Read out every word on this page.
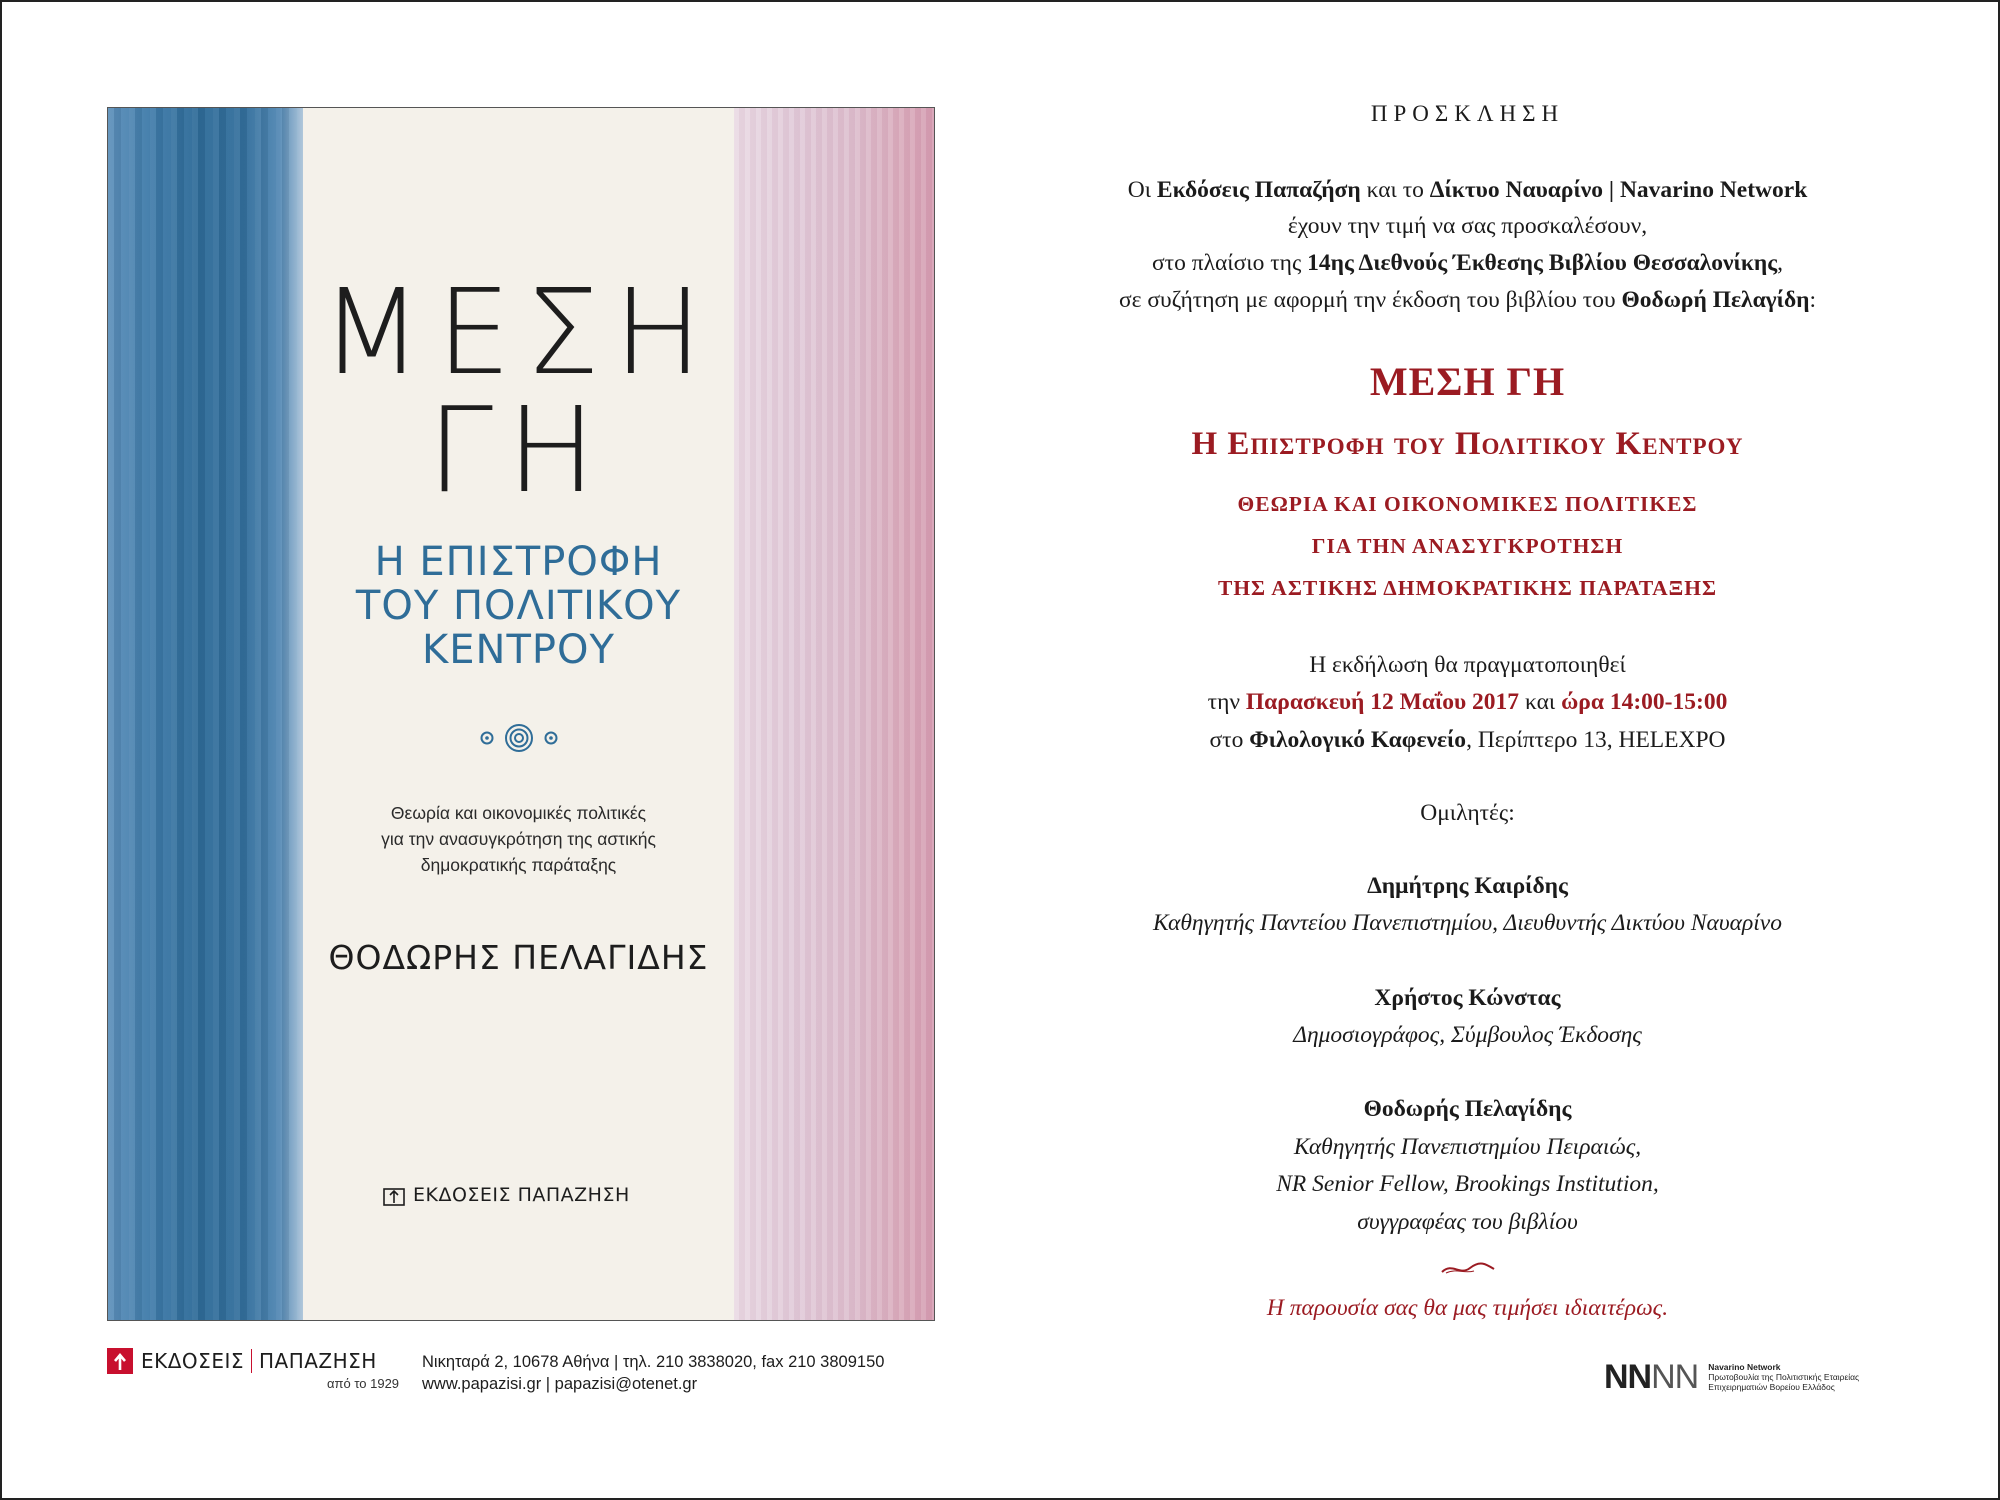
ΜΕΣΗ
ΓΗ
Η ΕΠΙΣΤΡΟΦΗ
ΤΟΥ ΠΟΛΙΤΙΚΟΥ
ΚΕΝΤΡΟΥ
Θεωρία και οικονομικές πολιτικές
για την ανασυγκρότηση της αστικής
δημοκρατικής παράταξης
ΘΟΔΩΡΗΣ ΠΕΛΑΓΙΔΗΣ
ΕΚΔΟΣΕΙΣ ΠΑΠΑΖΗΣΗ
ΕΚΔΟΣΕΙΣ ΠΑΠΑΖΗΣΗ
από το 1929
Νικηταρά 2, 10678 Αθήνα | τηλ. 210 3838020, fax 210 3809150
www.papazisi.gr | papazisi@otenet.gr
ΠΡΟΣΚΛΗΣΗ
Οι Εκδόσεις Παπαζήση και το Δίκτυο Ναυαρίνο | Navarino Network
έχουν την τιμή να σας προσκαλέσουν,
στο πλαίσιο της 14ης Διεθνούς Έκθεσης Βιβλίου Θεσσαλονίκης,
σε συζήτηση με αφορμή την έκδοση του βιβλίου του Θοδωρή Πελαγίδη:
ΜΕΣΗ ΓΗ
Η Επιστροφη του Πολιτικου Κεντρου
ΘΕΩΡΙΑ ΚΑΙ ΟΙΚΟΝΟΜΙΚΕΣ ΠΟΛΙΤΙΚΕΣ
ΓΙΑ ΤΗΝ ΑΝΑΣΥΓΚΡΟΤΗΣΗ
ΤΗΣ ΑΣΤΙΚΗΣ ΔΗΜΟΚΡΑΤΙΚΗΣ ΠΑΡΑΤΑΞΗΣ
Η εκδήλωση θα πραγματοποιηθεί
την Παρασκευή 12 Μαΐου 2017 και ώρα 14:00-15:00
στο Φιλολογικό Καφενείο, Περίπτερο 13, HELEXPO
Ομιλητές:
Δημήτρης Καιρίδης
Καθηγητής Παντείου Πανεπιστημίου, Διευθυντής Δικτύου Ναυαρίνο
Χρήστος Κώνστας
Δημοσιογράφος, Σύμβουλος Έκδοσης
Θοδωρής Πελαγίδης
Καθηγητής Πανεπιστημίου Πειραιώς,
NR Senior Fellow, Brookings Institution,
συγγραφέας του βιβλίου
Η παρουσία σας θα μας τιμήσει ιδιαιτέρως.
NNNN Navarino Network
Πρωτοβουλία της Πολιτιστικής Εταιρείας
Επιχειρηματιών Βορείου Ελλάδος
